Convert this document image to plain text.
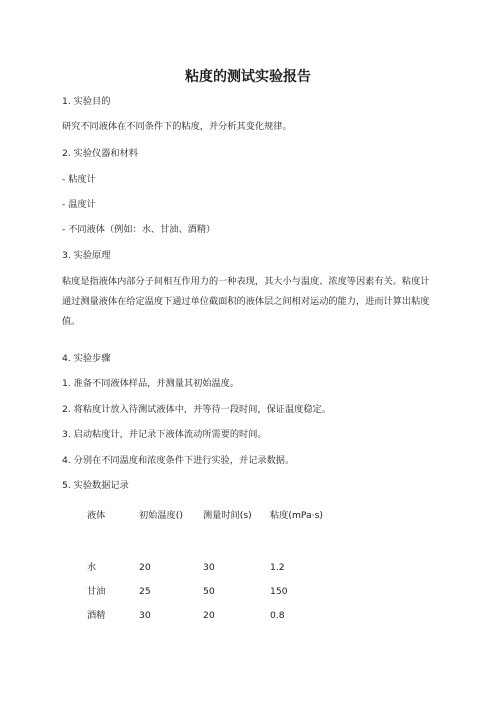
粘度的测试实验报告
1. 实验目的
研究不同液体在不同条件下的粘度，并分析其变化规律。
2. 实验仪器和材料
- 粘度计
- 温度计
- 不同液体（例如：水、甘油、酒精）
3. 实验原理
粘度是指液体内部分子间相互作用力的一种表现，其大小与温度、浓度等因素有关。粘度计通过测量液体在给定温度下通过单位截面积的液体层之间相对运动的能力，进而计算出粘度值。
4. 实验步骤
1. 准备不同液体样品，并测量其初始温度。
2. 将粘度计放入待测试液体中，并等待一段时间，保证温度稳定。
3. 启动粘度计，并记录下液体流动所需要的时间。
4. 分别在不同温度和浓度条件下进行实验，并记录数据。
5. 实验数据记录
液体	初始温度()	测量时间(s)	粘度(mPa·s)

水	20	30	1.2
甘油	25	50	150
酒精	30	20	0.8
